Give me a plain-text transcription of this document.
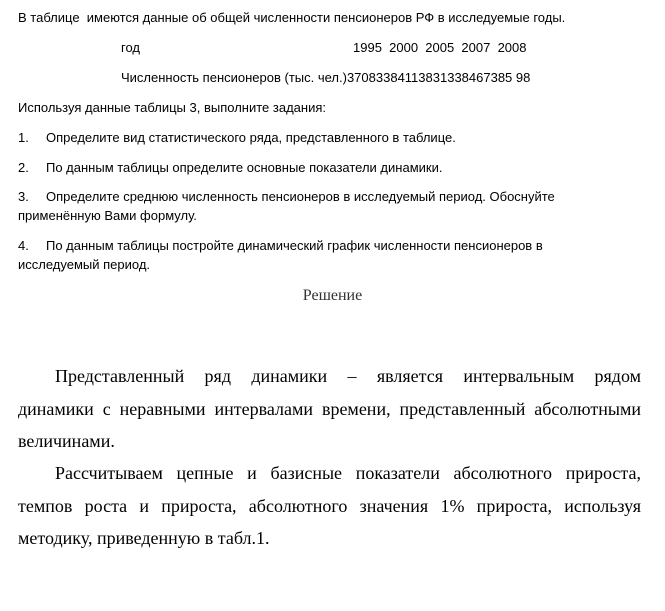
В таблице  имеются данные об общей численности пенсионеров РФ в исследуемые годы.
год	1995  2000  2005  2007  2008
Численность пенсионеров (тыс. чел.)37083384113831338467385 98
Используя данные таблицы 3, выполните задания:
1. Определите вид статистического ряда, представленного в таблице.
2. По данным таблицы определите основные показатели динамики.
3. Определите среднюю численность пенсионеров в исследуемый период. Обоснуйте
применённую Вами формулу.
4. По данным таблицы постройте динамический график численности пенсионеров в
исследуемый период.
Решение
Представленный ряд динамики – является интервальным рядом
динамики с неравными интервалами времени, представленный абсолютными
величинами.
Рассчитываем цепные и базисные показатели абсолютного прироста,
темпов роста и прироста, абсолютного значения 1% прироста, используя
методику, приведенную в табл.1.
